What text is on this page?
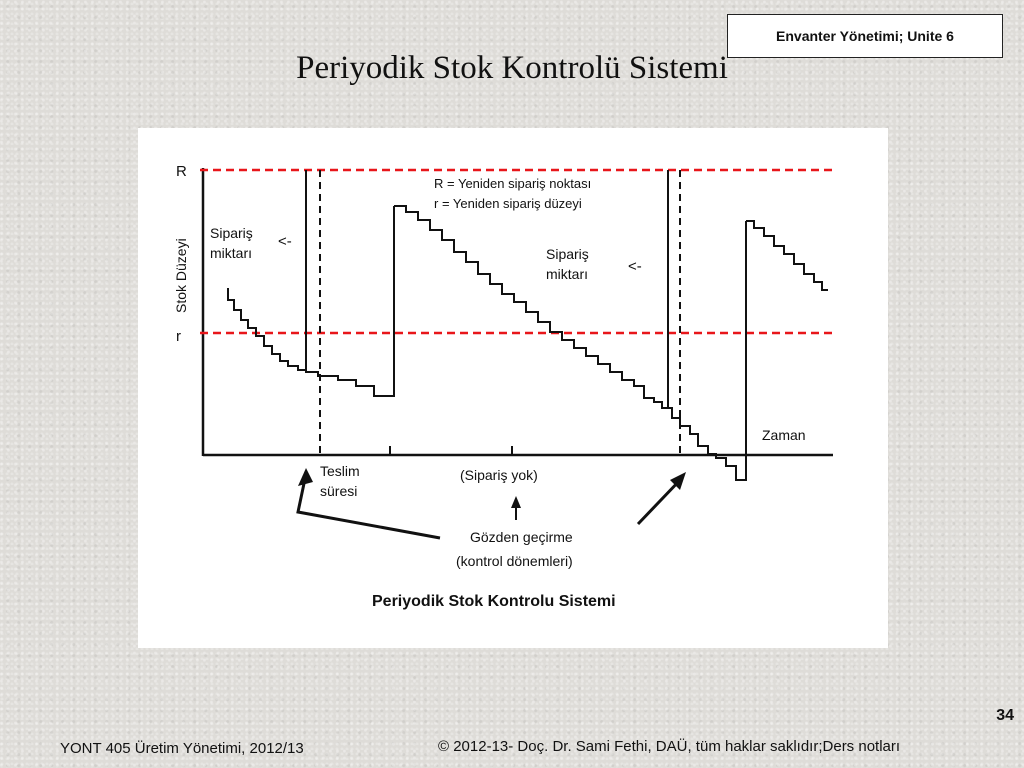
Envanter Yönetimi; Unite 6
Periyodik Stok Kontrolü Sistemi
R
r
Stok Düzeyi
R = Yeniden sipariş noktası
r = Yeniden sipariş düzeyi
Sipariş
miktarı
<-
Sipariş
miktarı	<-
Zaman
Teslim
süresi
(Sipariş yok)
Gözden geçirme
(kontrol dönemleri)
Periyodik Stok Kontrolu Sistemi
34
YONT 405 Üretim Yönetimi, 2012/13	© 2012-13- Doç. Dr. Sami Fethi, DAÜ, tüm haklar saklıdır;Ders notları
